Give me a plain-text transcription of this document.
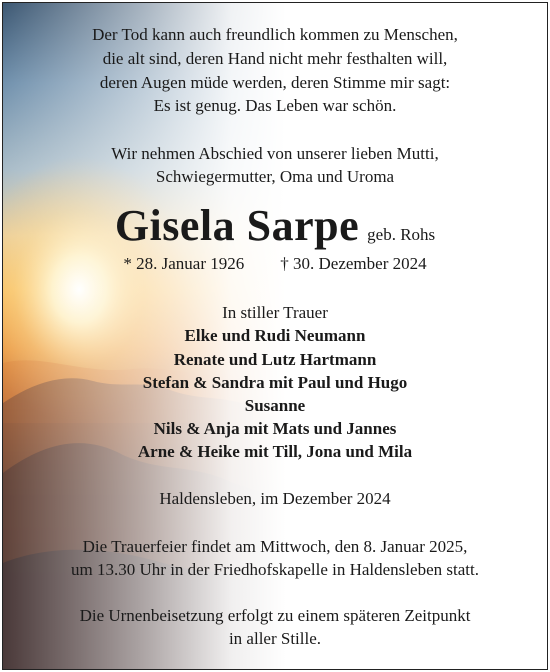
Der Tod kann auch freundlich kommen zu Menschen,
die alt sind, deren Hand nicht mehr festhalten will,
deren Augen müde werden, deren Stimme mir sagt:
Es ist genug. Das Leben war schön.
Wir nehmen Abschied von unserer lieben Mutti,
Schwiegermutter, Oma und Uroma
Gisela Sarpe geb. Rohs
* 28. Januar 1926 † 30. Dezember 2024
In stiller Trauer
Elke und Rudi Neumann
Renate und Lutz Hartmann
Stefan & Sandra mit Paul und Hugo
Susanne
Nils & Anja mit Mats und Jannes
Arne & Heike mit Till, Jona und Mila
Haldensleben, im Dezember 2024
Die Trauerfeier findet am Mittwoch, den 8. Januar 2025,
um 13.30 Uhr in der Friedhofskapelle in Haldensleben statt.
Die Urnenbeisetzung erfolgt zu einem späteren Zeitpunkt
in aller Stille.
